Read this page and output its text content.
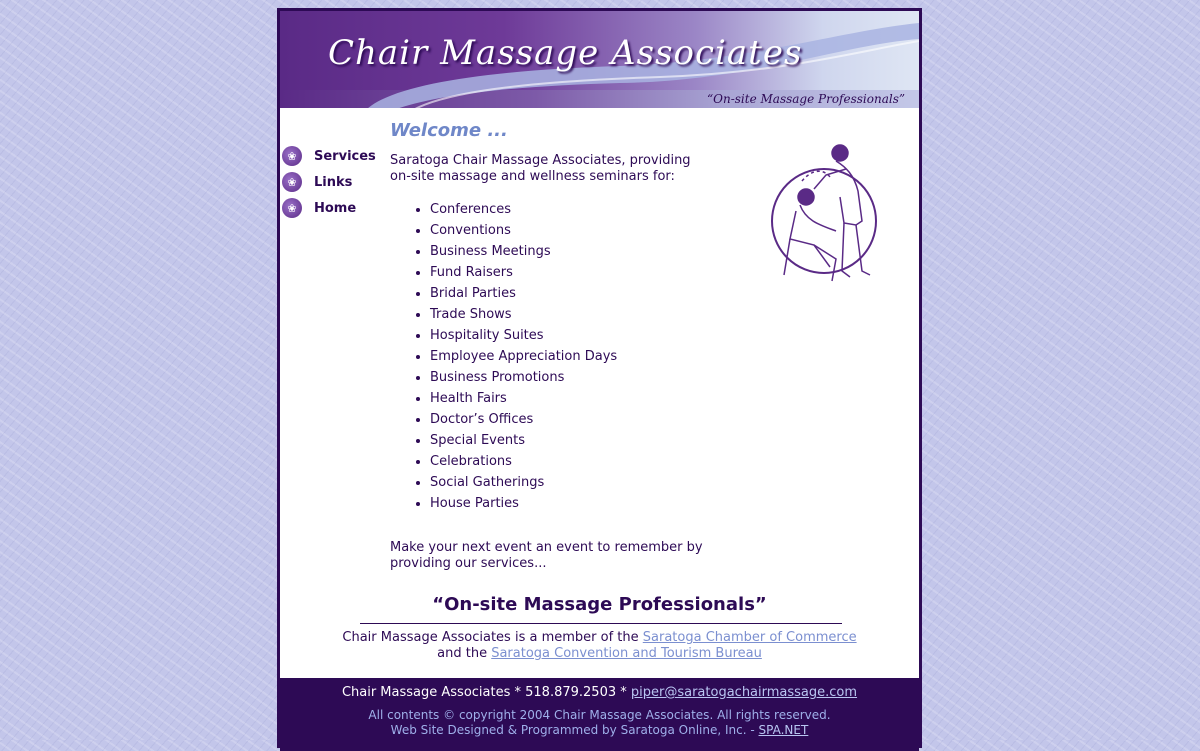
Chair Massage Associates
“On-site Massage Professionals”
❀	Services
❀	Links
❀	Home
Welcome ...
Saratoga Chair Massage Associates, providing on-site massage and wellness seminars for:
• Conferences
• Conventions
• Business Meetings
• Fund Raisers
• Bridal Parties
• Trade Shows
• Hospitality Suites
• Employee Appreciation Days
• Business Promotions
• Health Fairs
• Doctor’s Offices
• Special Events
• Celebrations
• Social Gatherings
• House Parties
Make your next event an event to remember by providing our services...
“On-site Massage Professionals”
Chair Massage Associates is a member of the Saratoga Chamber of Commerce
and the Saratoga Convention and Tourism Bureau
Chair Massage Associates * 518.879.2503 * piper@saratogachairmassage.com
All contents © copyright 2004 Chair Massage Associates. All rights reserved.
Web Site Designed & Programmed by Saratoga Online, Inc. - SPA.NET
